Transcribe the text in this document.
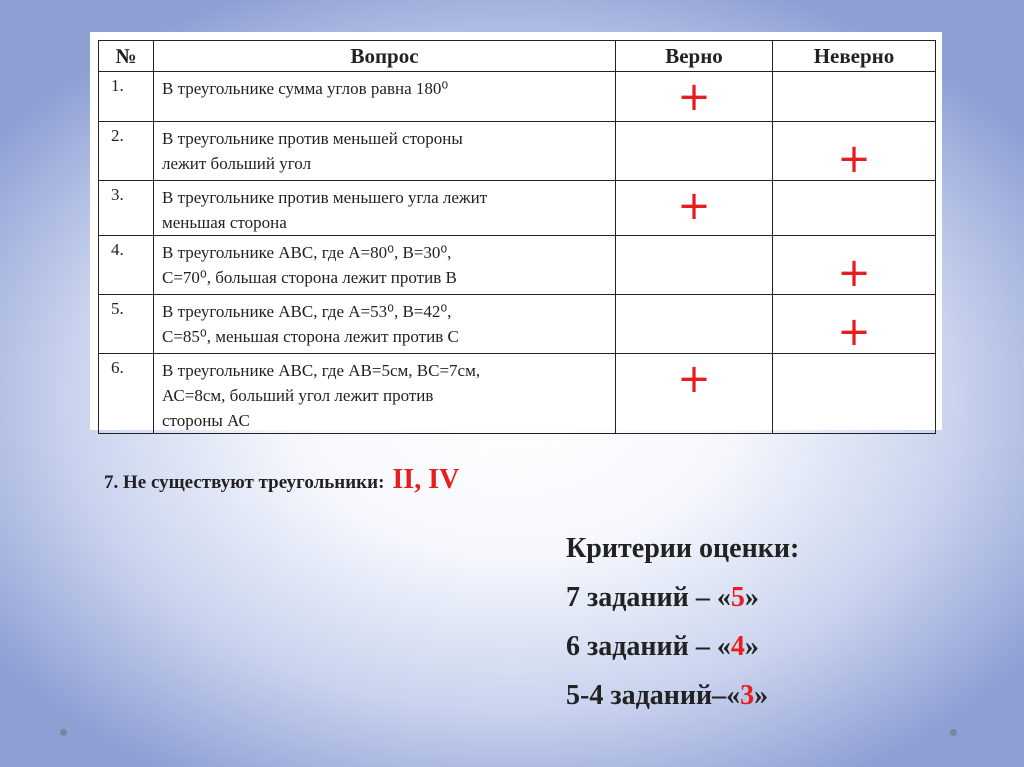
№	Вопрос	Верно	Неверно
1.	В треугольнике сумма углов равна 180⁰	+	
2.	В треугольнике против меньшей стороны
лежит больший угол		+
3.	В треугольнике против меньшего угла лежит
меньшая сторона	+	
4.	В треугольнике АВС, где А=80⁰, В=30⁰,
С=70⁰, большая сторона лежит против В		+
5.	В треугольнике АВС, где А=53⁰, В=42⁰,
С=85⁰, меньшая сторона лежит против С		+
6.	В треугольнике АВС, где АВ=5см, ВС=7см,
АС=8см, больший угол лежит против
стороны АС	+	
7. Не существуют треугольники: II, IV
Критерии оценки:
7 заданий – «5»
6 заданий – «4»
5-4 заданий–«3»
